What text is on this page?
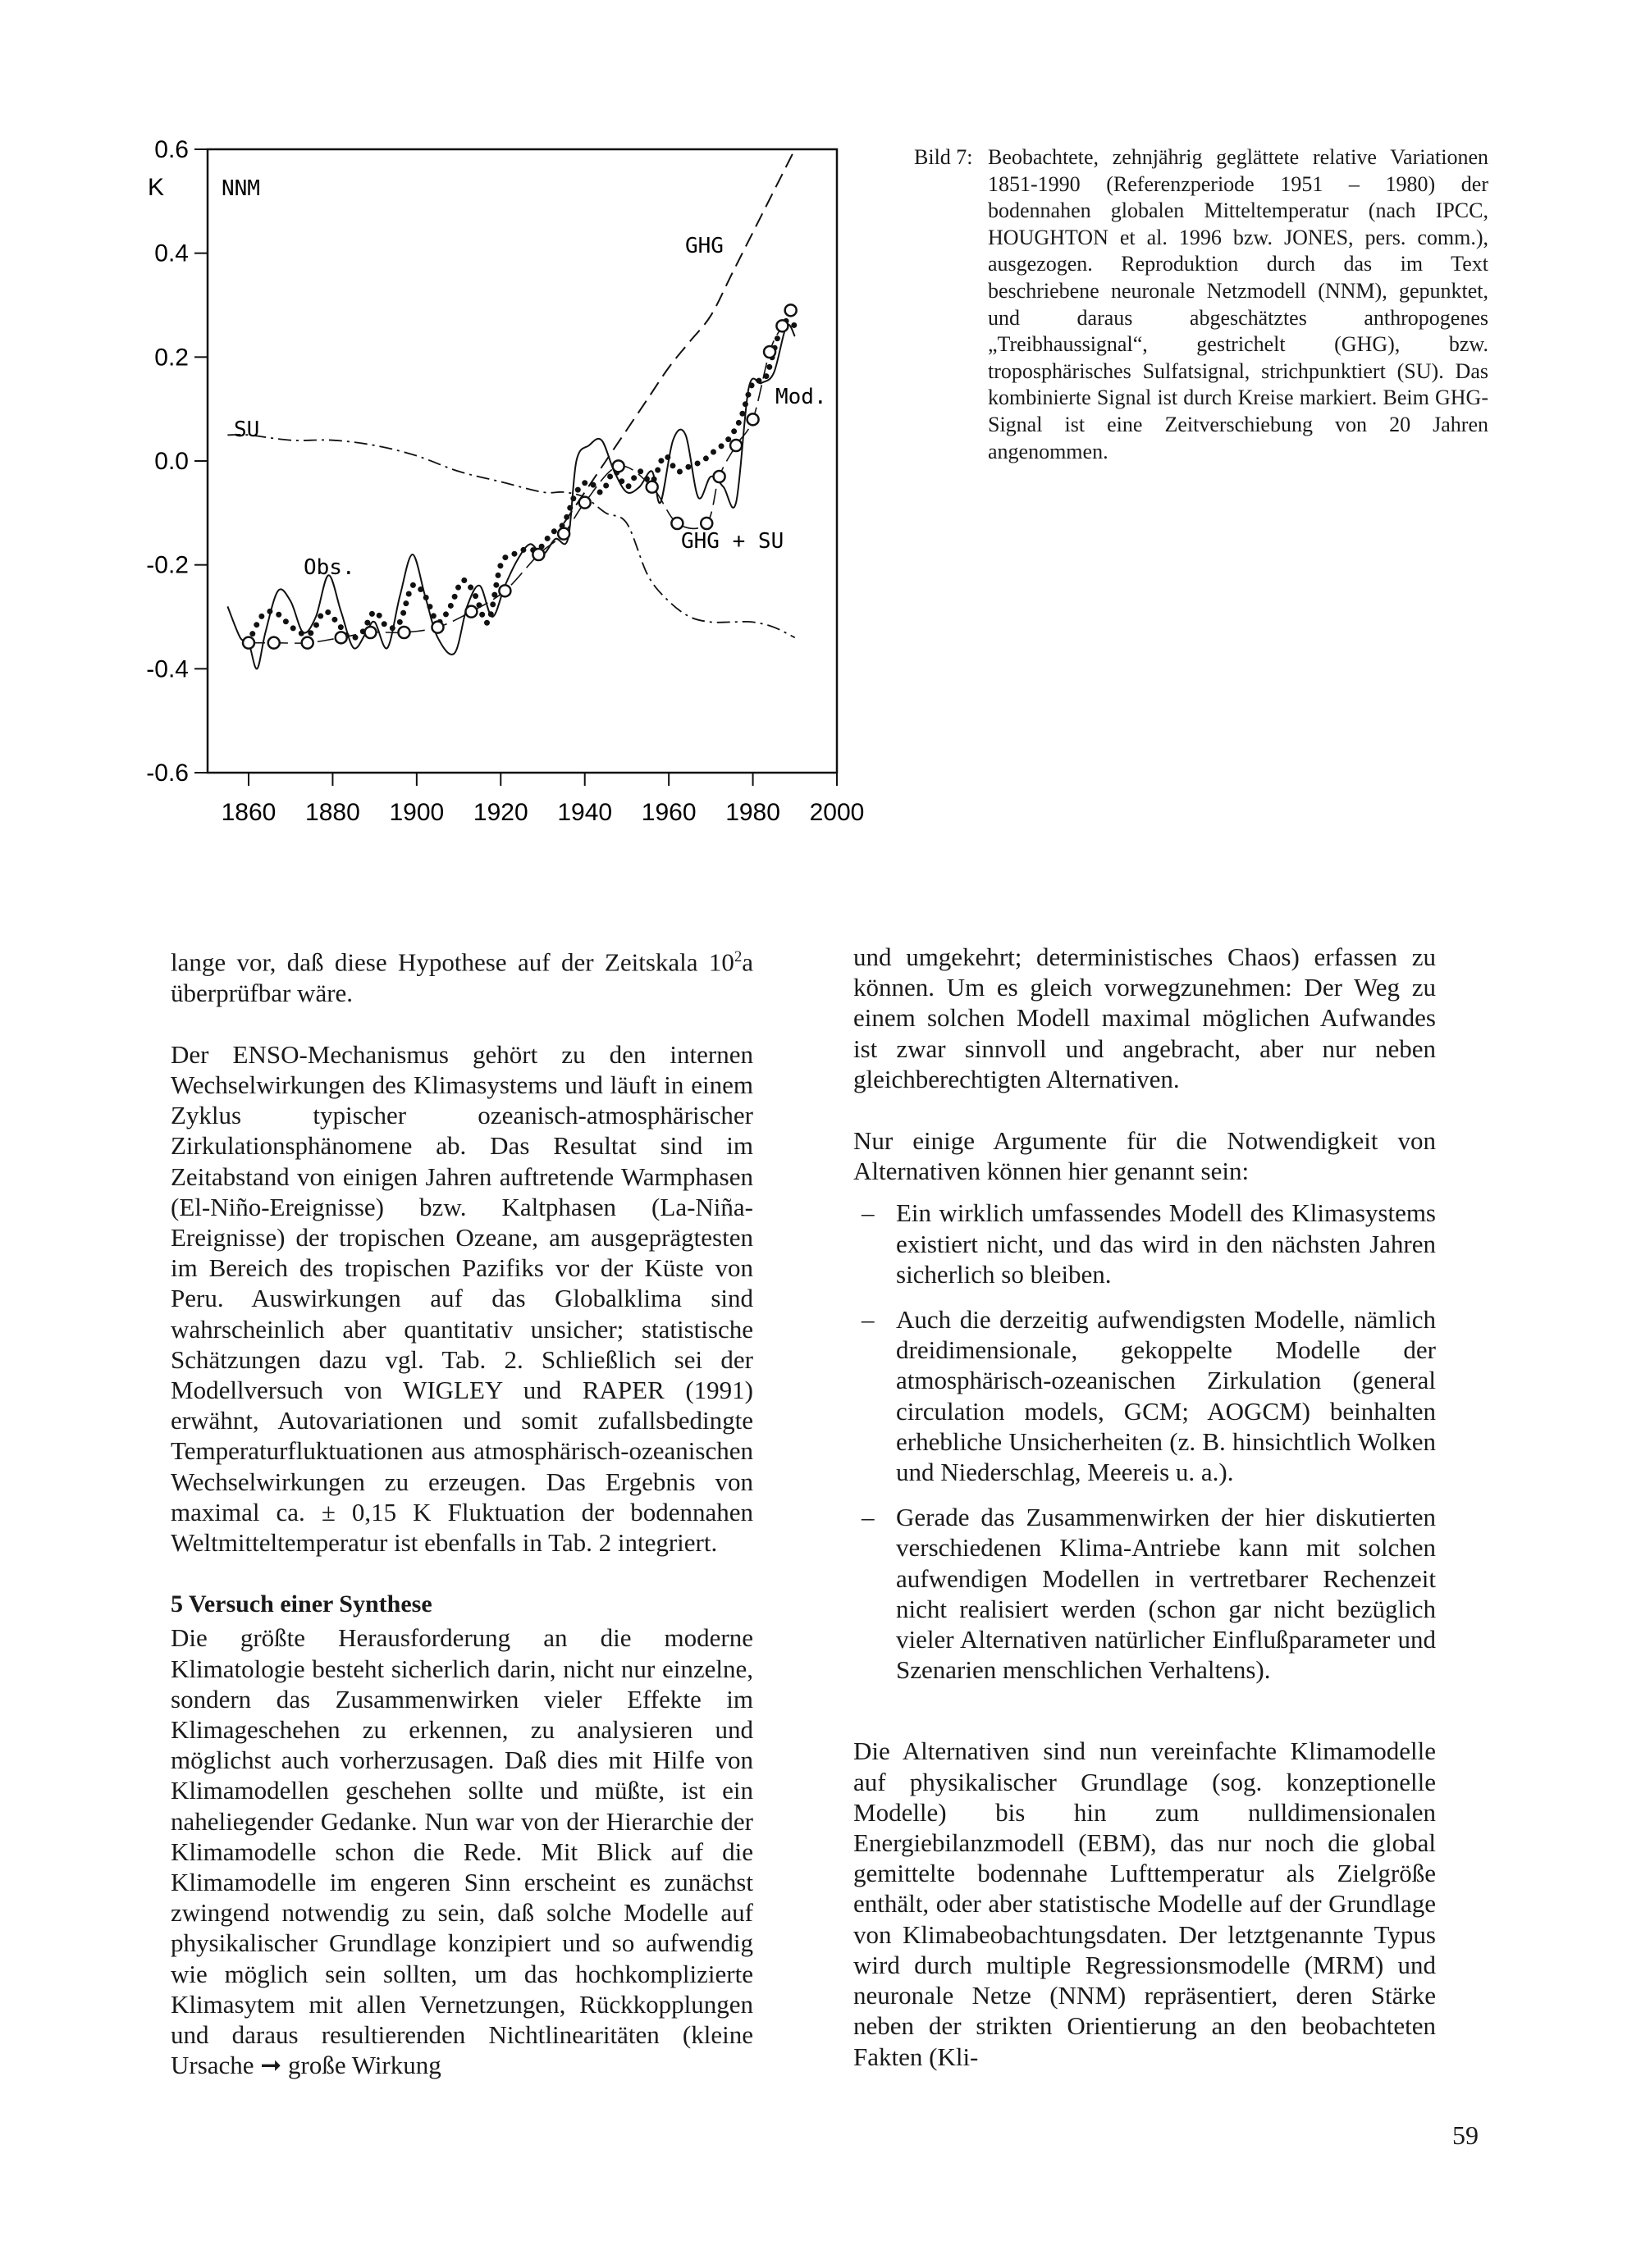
0.6
0.4
0.2
0.0
-0.2
-0.4
-0.6
1860 1880 1900 1920 1940 1960 1980 2000
K	NNM
GHG
SU
Obs.
Mod.
GHG + SU
Bild 7: Beobachtete, zehnjährig geglättete relative Variationen 1851-1990 (Referenzperiode 1951 – 1980) der bodennahen globalen Mitteltemperatur (nach IPCC, HOUGHTON et al. 1996 bzw. JONES, pers. comm.), ausgezogen. Reproduktion durch das im Text beschriebene neuronale Netzmodell (NNM), gepunktet, und daraus abgeschätztes anthropogenes „Treibhaussignal“, gestrichelt (GHG), bzw. troposphärisches Sulfatsignal, strichpunktiert (SU). Das kombinierte Signal ist durch Kreise markiert. Beim GHG-Signal ist eine Zeitverschiebung von 20 Jahren angenommen.

lange vor, daß diese Hypothese auf der Zeitskala $10^2a$ überprüfbar wäre.

Der ENSO-Mechanismus gehört zu den internen Wechselwirkungen des Klimasystems und läuft in einem Zyklus typischer ozeanisch-atmosphärischer Zirkulationsphänomene ab. Das Resultat sind im Zeitabstand von einigen Jahren auftretende Warmphasen (El-Niño-Ereignisse) bzw. Kaltphasen (La-Niña-Ereignisse) der tropischen Ozeane, am ausgeprägtesten im Bereich des tropischen Pazifiks vor der Küste von Peru. Auswirkungen auf das Globalklima sind wahrscheinlich aber quantitativ unsicher; statistische Schätzungen dazu vgl. Tab. 2. Schließlich sei der Modellversuch von WIGLEY und RAPER (1991) erwähnt, Autovariationen und somit zufallsbedingte Temperaturfluktuationen aus atmosphärisch-ozeanischen Wechselwirkungen zu erzeugen. Das Ergebnis von maximal ca. ± 0,15 K Fluktuation der bodennahen Weltmitteltemperatur ist ebenfalls in Tab. 2 integriert.

5 Versuch einer Synthese

Die größte Herausforderung an die moderne Klimatologie besteht sicherlich darin, nicht nur einzelne, sondern das Zusammenwirken vieler Effekte im Klimageschehen zu erkennen, zu analysieren und möglichst auch vorherzusagen. Daß dies mit Hilfe von Klimamodellen geschehen sollte und müßte, ist ein naheliegender Gedanke. Nun war von der Hierarchie der Klimamodelle schon die Rede. Mit Blick auf die Klimamodelle im engeren Sinn erscheint es zunächst zwingend notwendig zu sein, daß solche Modelle auf physikalischer Grundlage konzipiert und so aufwendig wie möglich sein sollten, um das hochkomplizierte Klimasytem mit allen Vernetzungen, Rückkopplungen und daraus resultierenden Nichtlinearitäten (kleine Ursache ➞ große Wirkung

und umgekehrt; deterministisches Chaos) erfassen zu können. Um es gleich vorwegzunehmen: Der Weg zu einem solchen Modell maximal möglichen Aufwandes ist zwar sinnvoll und angebracht, aber nur neben gleichberechtigten Alternativen.

Nur einige Argumente für die Notwendigkeit von Alternativen können hier genannt sein:

– Ein wirklich umfassendes Modell des Klimasystems existiert nicht, und das wird in den nächsten Jahren sicherlich so bleiben.
– Auch die derzeitig aufwendigsten Modelle, nämlich dreidimensionale, gekoppelte Modelle der atmosphärisch-ozeanischen Zirkulation (general circulation models, GCM; AOGCM) beinhalten erhebliche Unsicherheiten (z. B. hinsichtlich Wolken und Niederschlag, Meereis u. a.).
– Gerade das Zusammenwirken der hier diskutierten verschiedenen Klima-Antriebe kann mit solchen aufwendigen Modellen in vertretbarer Rechenzeit nicht realisiert werden (schon gar nicht bezüglich vieler Alternativen natürlicher Einflußparameter und Szenarien menschlichen Verhaltens).

Die Alternativen sind nun vereinfachte Klimamodelle auf physikalischer Grundlage (sog. konzeptionelle Modelle) bis hin zum nulldimensionalen Energiebilanzmodell (EBM), das nur noch die global gemittelte bodennahe Lufttemperatur als Zielgröße enthält, oder aber statistische Modelle auf der Grundlage von Klimabeobachtungsdaten. Der letztgenannte Typus wird durch multiple Regressionsmodelle (MRM) und neuronale Netze (NNM) repräsentiert, deren Stärke neben der strikten Orientierung an den beobachteten Fakten (Kli-

59
